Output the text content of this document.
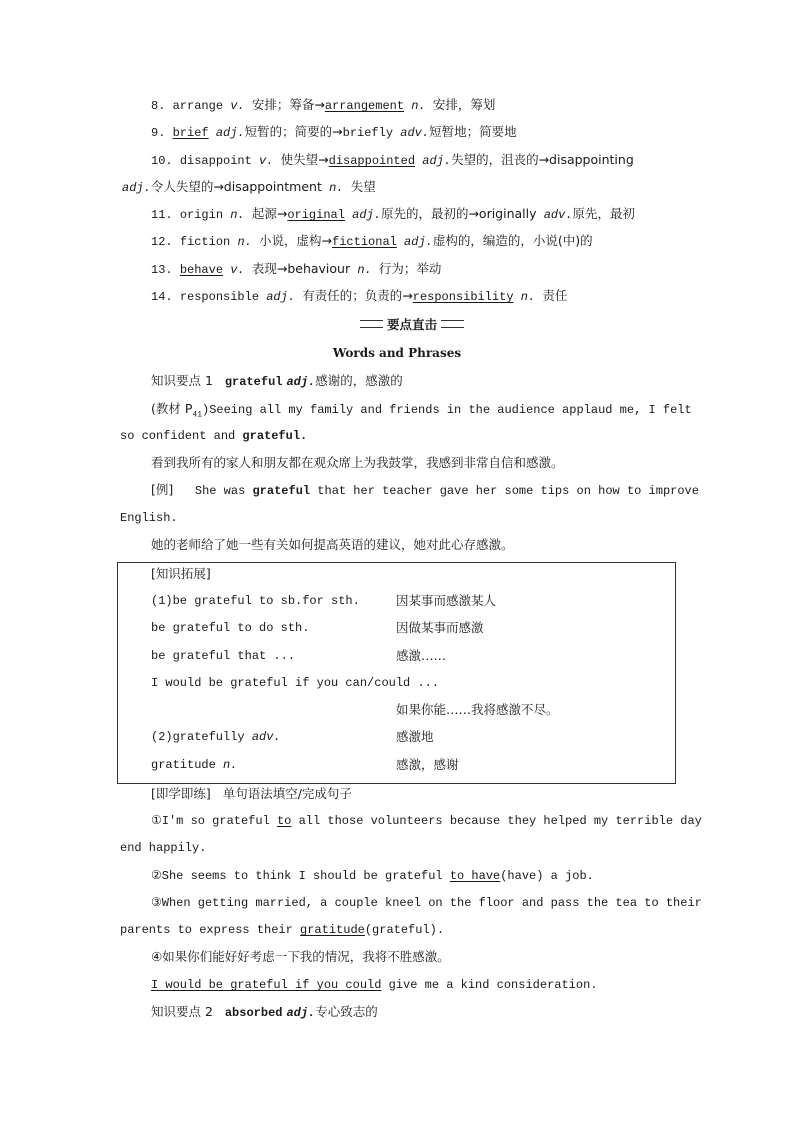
8. arrange v. 安排；筹备→arrangement n. 安排，筹划
9. brief adj.短暂的；简要的→briefly adv.短暂地；简要地
10. disappoint v. 使失望→disappointed adj.失望的，沮丧的→disappointing
adj.令人失望的→disappointment n. 失望
11. origin n. 起源→original adj.原先的，最初的→originally adv.原先，最初
12. fiction n. 小说，虚构→fictional adj.虚构的，编造的，小说(中)的
13. behave v. 表现→behaviour n. 行为；举动
14. responsible adj. 有责任的；负责的→responsibility n. 责任
要点直击
Words and Phrases
知识要点 1 grateful adj.感谢的，感激的
(教材 $P_{41})Seeing$ all my family and friends in the audience applaud me, I felt
so confident and grateful.
看到我所有的家人和朋友都在观众席上为我鼓掌，我感到非常自信和感激。
[例] She was grateful that her teacher gave her some tips on how to improve
English.
她的老师给了她一些有关如何提高英语的建议，她对此心存感激。
[知识拓展]
(1)be grateful to sb.for sth.	因某事而感激某人
be grateful to do sth.	因做某事而感激
be grateful that ...	感激……
I would be grateful if you can/could ...
如果你能……我将感激不尽。
(2)gratefully adv.	感激地
gratitude n.	感激，感谢
[即学即练] 单句语法填空/完成句子
①I'm so grateful to all those volunteers because they helped my terrible day
end happily.
②She seems to think I should be grateful to have(have) a job.
③When getting married, a couple kneel on the floor and pass the tea to their
parents to express their gratitude(grateful).
④如果你们能好好考虑一下我的情况，我将不胜感激。
I would be grateful if you could give me a kind consideration.
知识要点 2 absorbed adj.专心致志的
